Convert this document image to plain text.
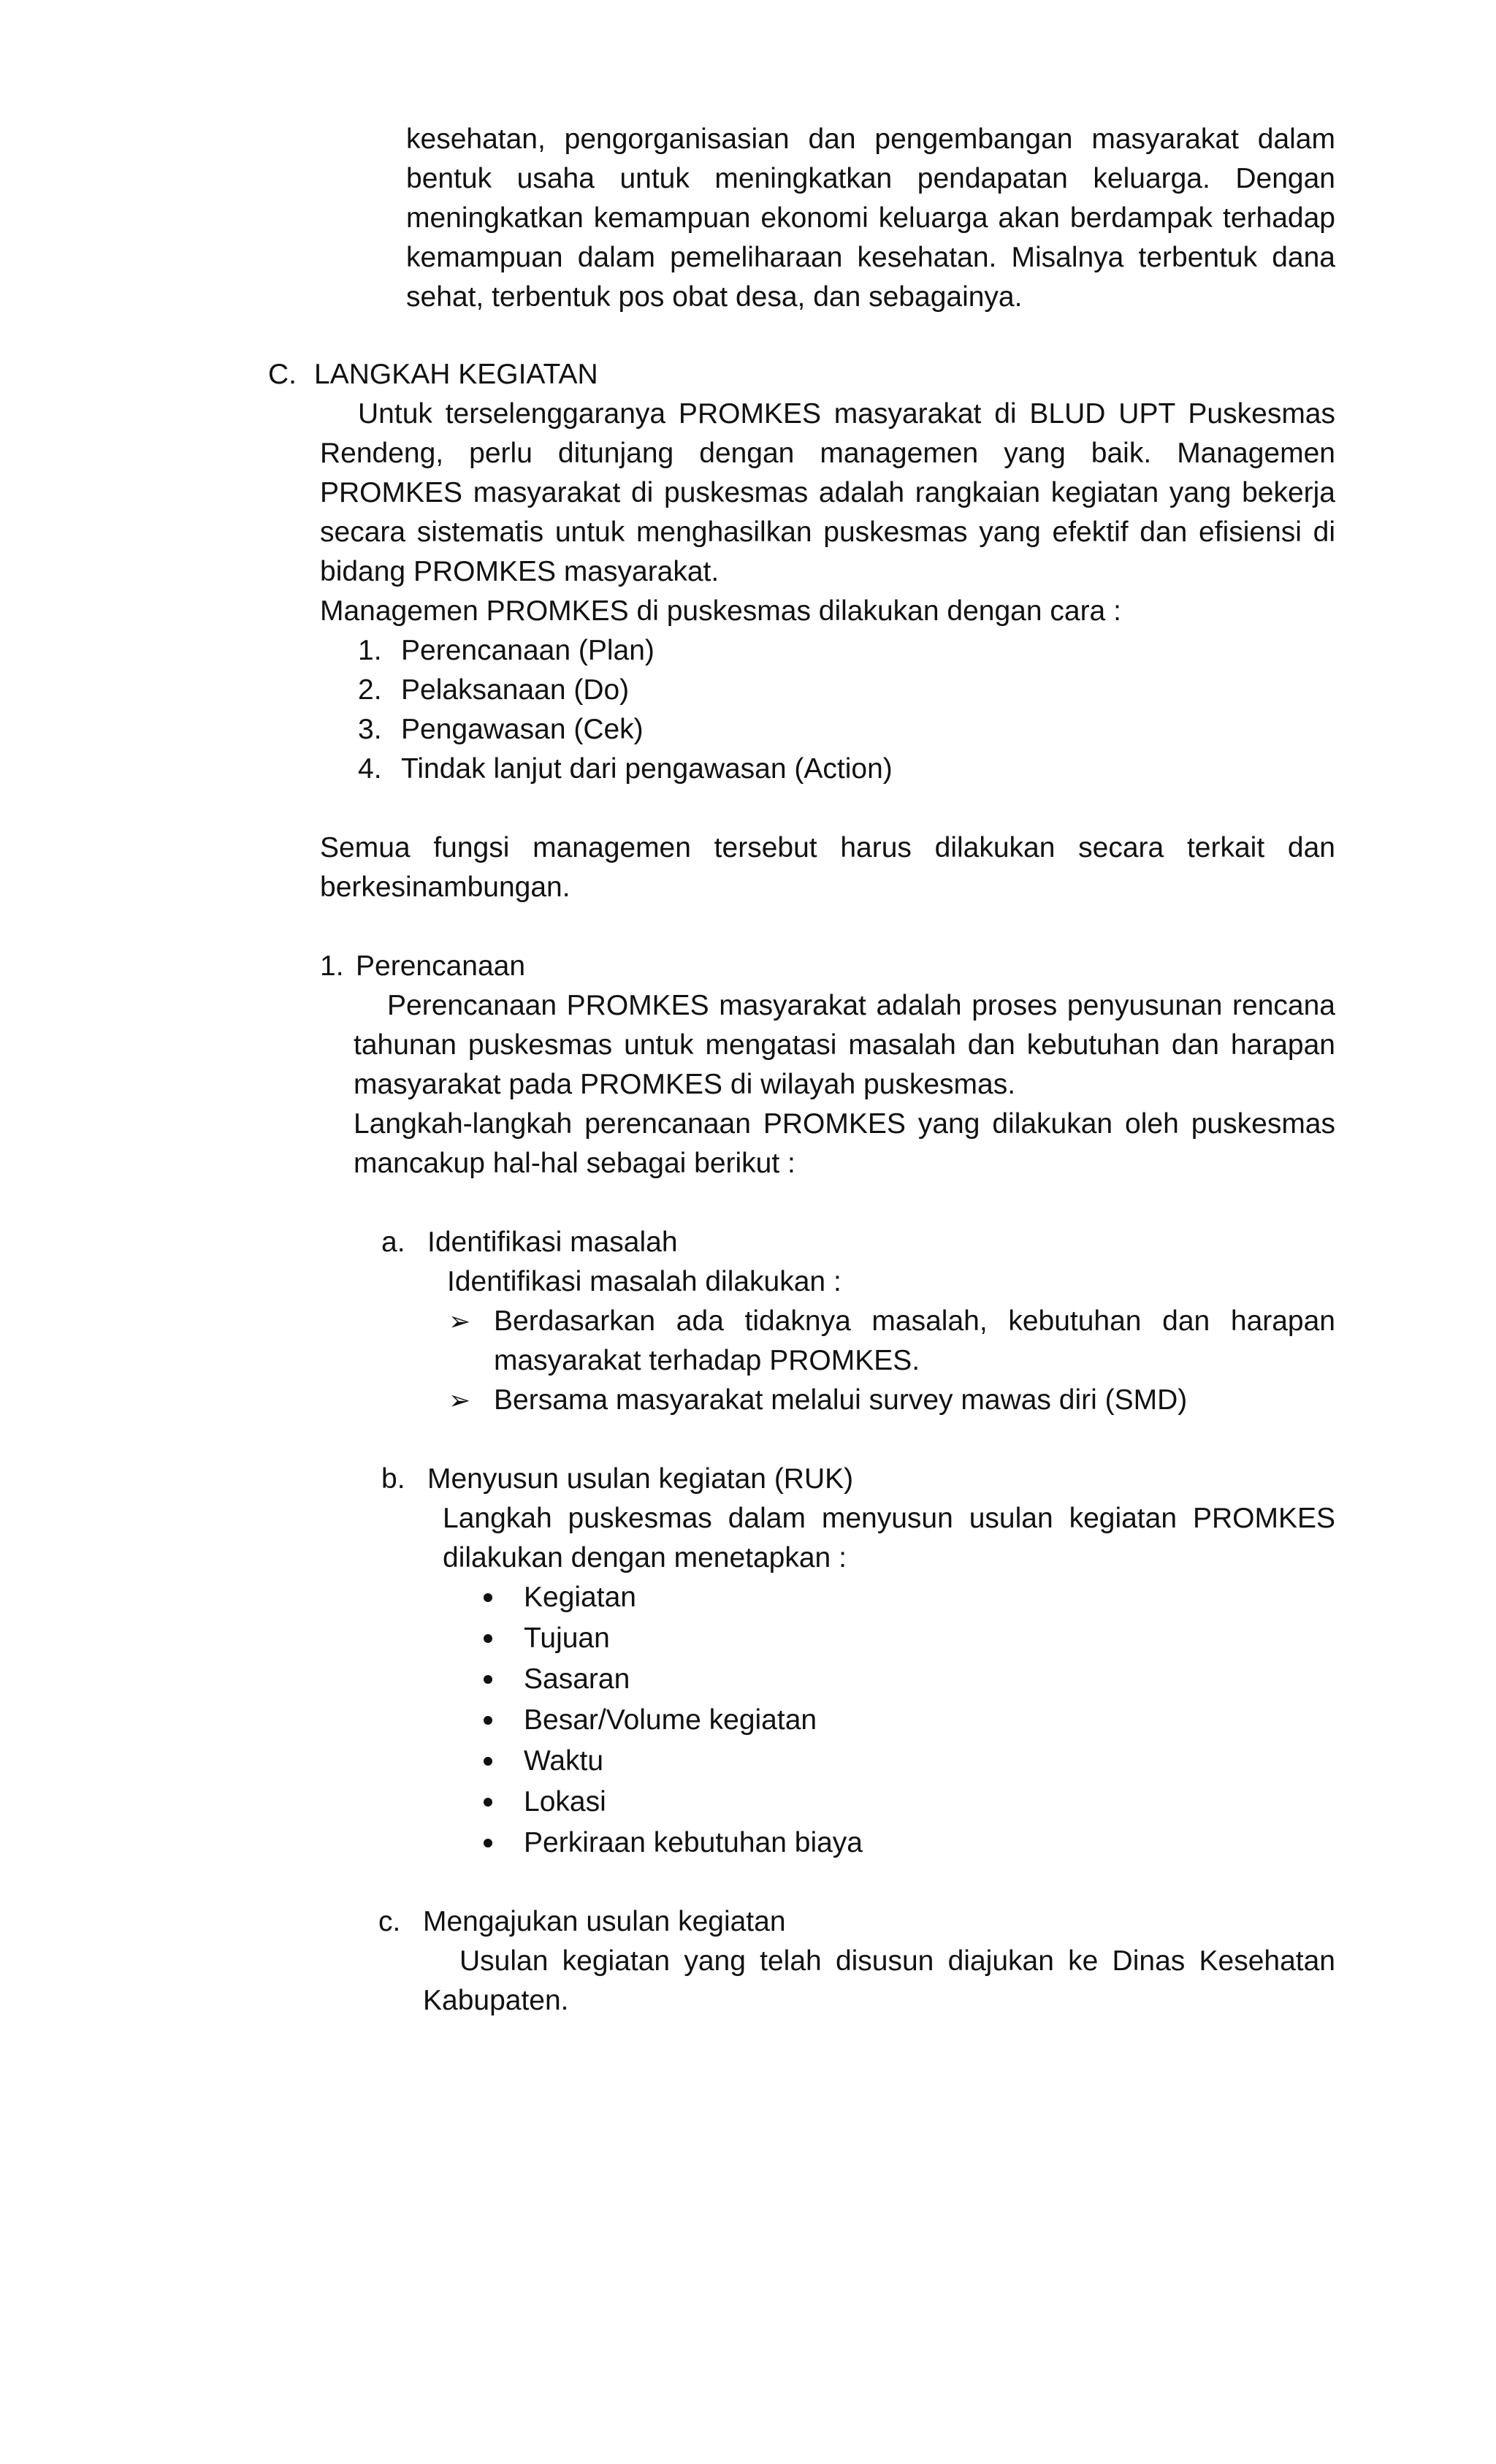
kesehatan, pengorganisasian dan pengembangan masyarakat dalam bentuk usaha untuk meningkatkan pendapatan keluarga. Dengan meningkatkan kemampuan ekonomi keluarga akan berdampak terhadap kemampuan dalam pemeliharaan kesehatan. Misalnya terbentuk dana sehat, terbentuk pos obat desa, dan sebagainya.

C. LANGKAH KEGIATAN

Untuk terselenggaranya PROMKES masyarakat di BLUD UPT Puskesmas Rendeng, perlu ditunjang dengan managemen yang baik. Managemen PROMKES masyarakat di puskesmas adalah rangkaian kegiatan yang bekerja secara sistematis untuk menghasilkan puskesmas yang efektif dan efisiensi di bidang PROMKES masyarakat.

Managemen PROMKES di puskesmas dilakukan dengan cara :

1. Perencanaan (Plan)
2. Pelaksanaan (Do)
3. Pengawasan (Cek)
4. Tindak lanjut dari pengawasan (Action)

Semua fungsi managemen tersebut harus dilakukan secara terkait dan berkesinambungan.

1. Perencanaan

Perencanaan PROMKES masyarakat adalah proses penyusunan rencana tahunan puskesmas untuk mengatasi masalah dan kebutuhan dan harapan masyarakat pada PROMKES di wilayah puskesmas.

Langkah-langkah perencanaan PROMKES yang dilakukan oleh puskesmas mancakup hal-hal sebagai berikut :

a. Identifikasi masalah

Identifikasi masalah dilakukan :

➢ Berdasarkan ada tidaknya masalah, kebutuhan dan harapan masyarakat terhadap PROMKES.

➢ Bersama masyarakat melalui survey mawas diri (SMD)

b. Menyusun usulan kegiatan (RUK)

Langkah puskesmas dalam menyusun usulan kegiatan PROMKES dilakukan dengan menetapkan :

Kegiatan
Tujuan
Sasaran
Besar/Volume kegiatan
Waktu
Lokasi
Perkiraan kebutuhan biaya
c. Mengajukan usulan kegiatan

Usulan kegiatan yang telah disusun diajukan ke Dinas Kesehatan Kabupaten.
